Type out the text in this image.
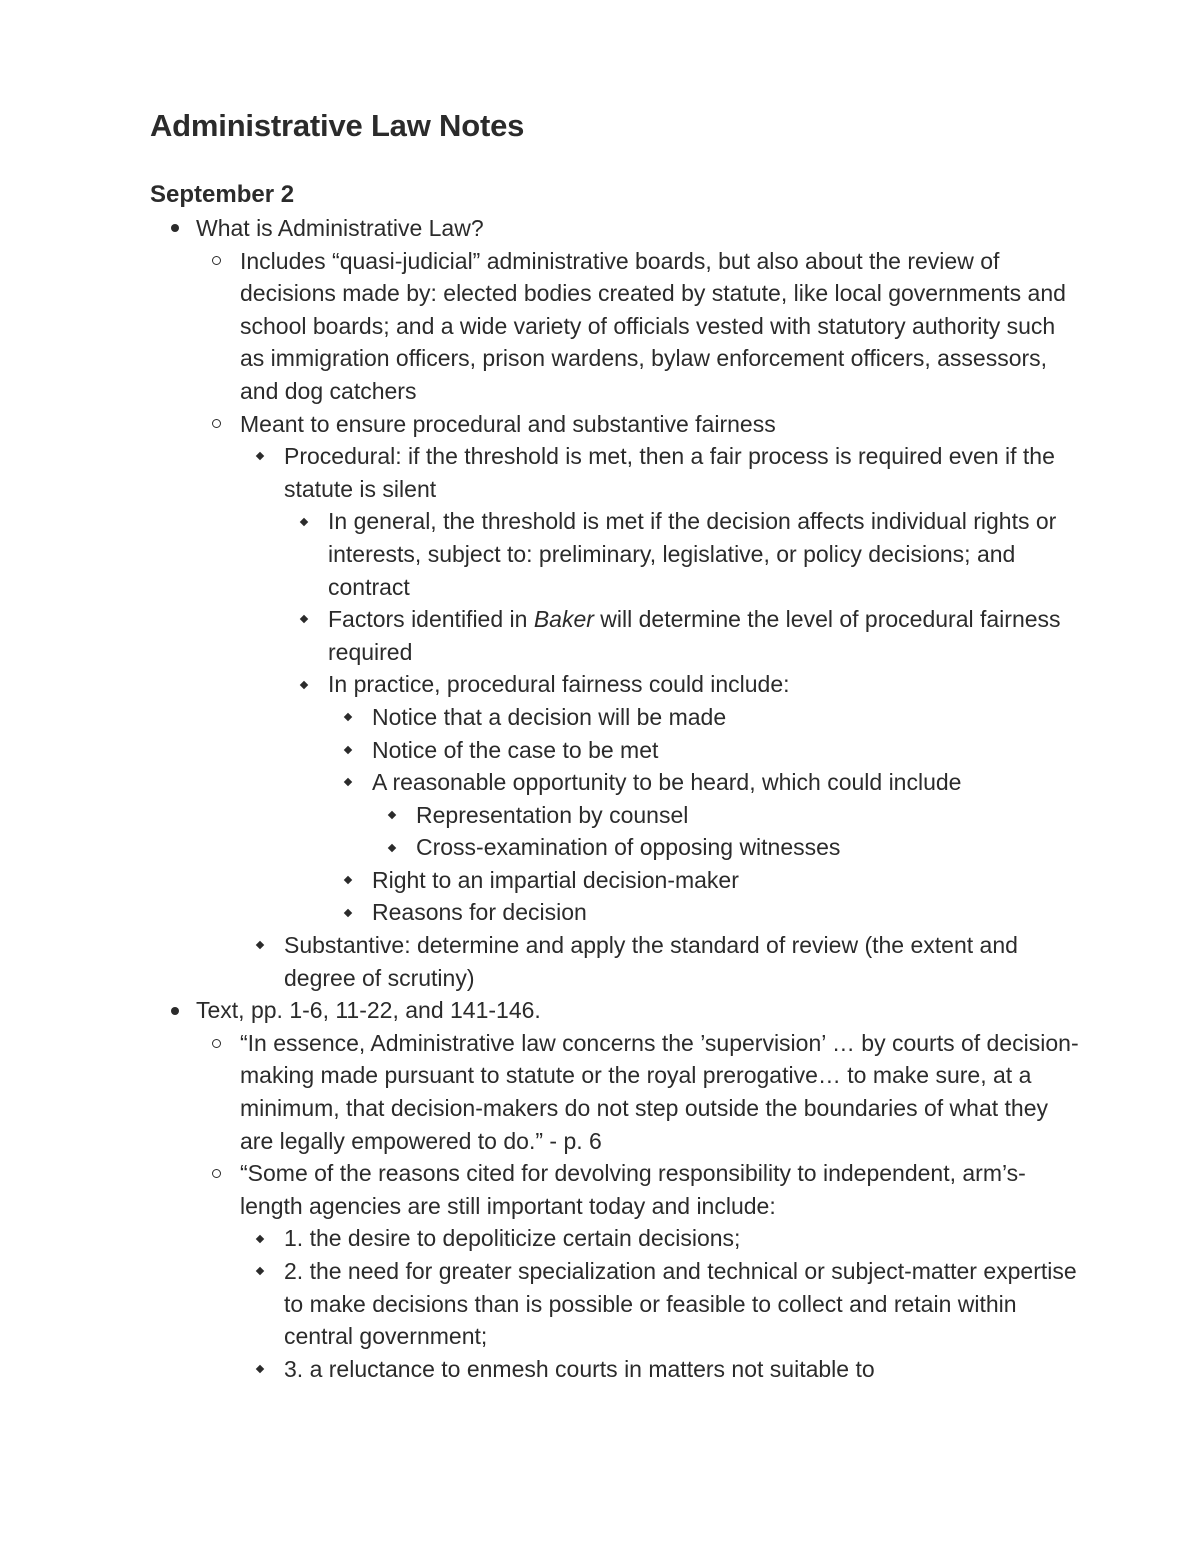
Administrative Law Notes
September 2
What is Administrative Law?
Includes “quasi-judicial” administrative boards, but also about the review of decisions made by: elected bodies created by statute, like local governments and school boards; and a wide variety of officials vested with statutory authority such as immigration officers, prison wardens, bylaw enforcement officers, assessors, and dog catchers
Meant to ensure procedural and substantive fairness
Procedural: if the threshold is met, then a fair process is required even if the statute is silent
In general, the threshold is met if the decision affects individual rights or interests, subject to: preliminary, legislative, or policy decisions; and contract
Factors identified in Baker will determine the level of procedural fairness required
In practice, procedural fairness could include:
Notice that a decision will be made
Notice of the case to be met
A reasonable opportunity to be heard, which could include
Representation by counsel
Cross-examination of opposing witnesses
Right to an impartial decision-maker
Reasons for decision
Substantive: determine and apply the standard of review (the extent and degree of scrutiny)
Text, pp. 1-6, 11-22, and 141-146.
“In essence, Administrative law concerns the ’supervision’ … by courts of decision-making made pursuant to statute or the royal prerogative… to make sure, at a minimum, that decision-makers do not step outside the boundaries of what they are legally empowered to do.” - p. 6
“Some of the reasons cited for devolving responsibility to independent, arm’s-length agencies are still important today and include:
1. the desire to depoliticize certain decisions;
2. the need for greater specialization and technical or subject-matter expertise to make decisions than is possible or feasible to collect and retain within central government;
3. a reluctance to enmesh courts in matters not suitable to
